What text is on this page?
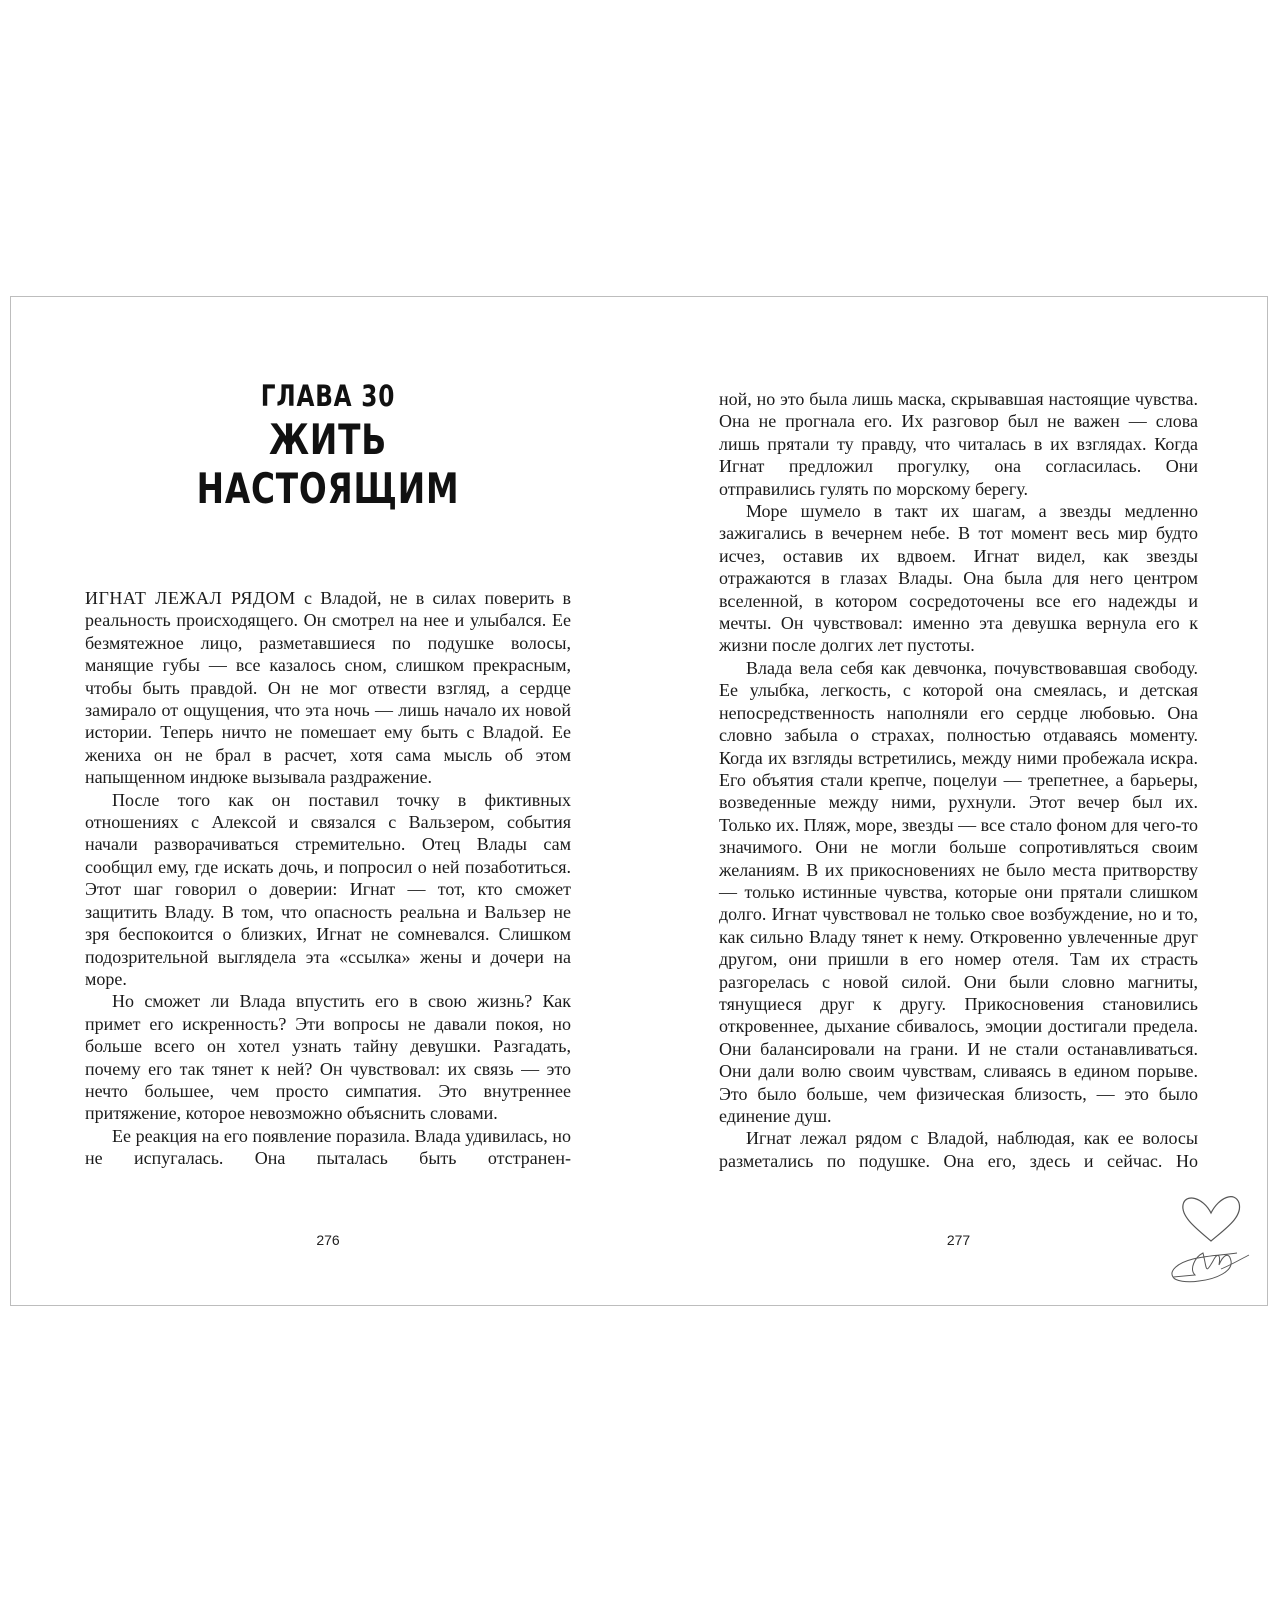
ГЛАВА 30
ЖИТЬ НАСТОЯЩИМ

ИГНАТ ЛЕЖАЛ РЯДОМ с Владой, не в силах поверить в реальность происходящего. Он смотрел на нее и улыбался. Ее безмятежное лицо, разметавшиеся по подушке волосы, манящие губы — все казалось сном, слишком прекрасным, чтобы быть правдой. Он не мог отвести взгляд, а сердце замирало от ощущения, что эта ночь — лишь начало их новой истории. Теперь ничто не помешает ему быть с Владой. Ее жениха он не брал в расчет, хотя сама мысль об этом напыщенном индюке вызывала раздражение.

После того как он поставил точку в фиктивных отношениях с Алексой и связался с Вальзером, события начали разворачиваться стремительно. Отец Влады сам сообщил ему, где искать дочь, и попросил о ней позаботиться. Этот шаг говорил о доверии: Игнат — тот, кто сможет защитить Владу. В том, что опасность реальна и Вальзер не зря беспокоится о близких, Игнат не сомневался. Слишком подозрительной выглядела эта «ссылка» жены и дочери на море.

Но сможет ли Влада впустить его в свою жизнь? Как примет его искренность? Эти вопросы не давали покоя, но больше всего он хотел узнать тайну девушки. Разгадать, почему его так тянет к ней? Он чувствовал: их связь — это нечто большее, чем просто симпатия. Это внутреннее притяжение, которое невозможно объяснить словами.

Ее реакция на его появление поразила. Влада удивилась, но не испугалась. Она пыталась быть отстранен-

276

ной, но это была лишь маска, скрывавшая настоящие чувства. Она не прогнала его. Их разговор был не важен — слова лишь прятали ту правду, что читалась в их взглядах. Когда Игнат предложил прогулку, она согласилась. Они отправились гулять по морскому берегу.

Море шумело в такт их шагам, а звезды медленно зажигались в вечернем небе. В тот момент весь мир будто исчез, оставив их вдвоем. Игнат видел, как звезды отражаются в глазах Влады. Она была для него центром вселенной, в котором сосредоточены все его надежды и мечты. Он чувствовал: именно эта девушка вернула его к жизни после долгих лет пустоты.

Влада вела себя как девчонка, почувствовавшая свободу. Ее улыбка, легкость, с которой она смеялась, и детская непосредственность наполняли его сердце любовью. Она словно забыла о страхах, полностью отдаваясь моменту. Когда их взгляды встретились, между ними пробежала искра. Его объятия стали крепче, поцелуи — трепетнее, а барьеры, возведенные между ними, рухнули. Этот вечер был их. Только их. Пляж, море, звезды — все стало фоном для чего-то значимого. Они не могли больше сопротивляться своим желаниям. В их прикосновениях не было места притворству — только истинные чувства, которые они прятали слишком долго. Игнат чувствовал не только свое возбуждение, но и то, как сильно Владу тянет к нему. Откровенно увлеченные друг другом, они пришли в его номер отеля. Там их страсть разгорелась с новой силой. Они были словно магниты, тянущиеся друг к другу. Прикосновения становились откровеннее, дыхание сбивалось, эмоции достигали предела. Они балансировали на грани. И не стали останавливаться. Они дали волю своим чувствам, сливаясь в едином порыве. Это было больше, чем физическая близость, — это было единение душ.

Игнат лежал рядом с Владой, наблюдая, как ее волосы разметались по подушке. Она его, здесь и сейчас. Но

277
